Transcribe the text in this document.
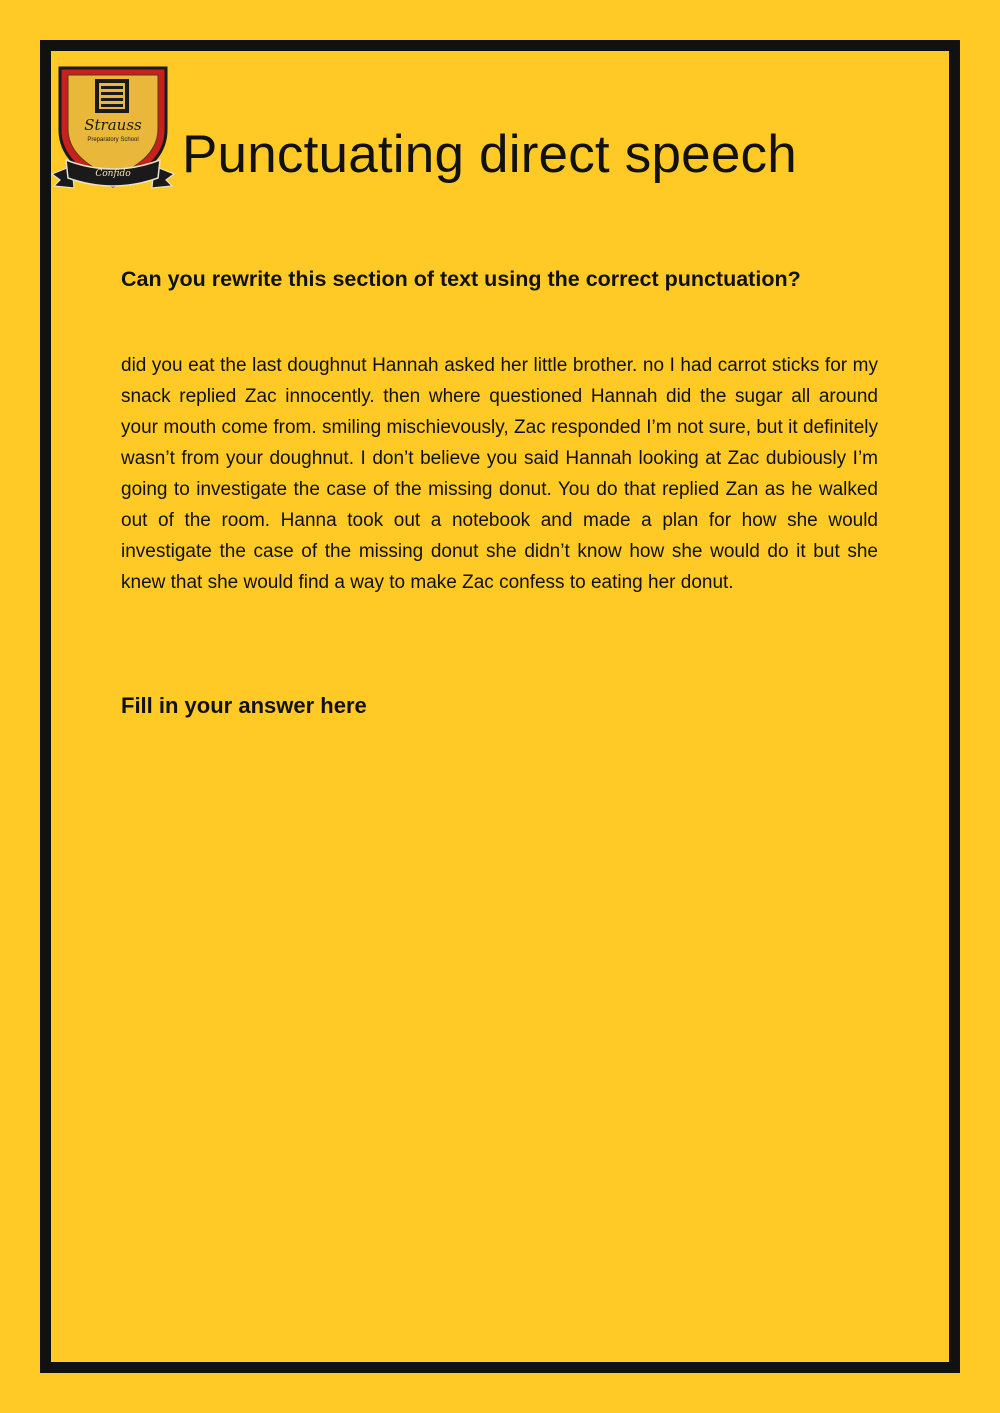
Strauss
Preparatory School
Confido Punctuating direct speech

Can you rewrite this section of text using the correct punctuation?

did you eat the last doughnut Hannah asked her little brother. no I had carrot sticks for my snack replied Zac innocently. then where questioned Hannah did the sugar all around your mouth come from. smiling mischievously, Zac responded I’m not sure, but it definitely wasn’t from your doughnut. I don’t believe you said Hannah looking at Zac dubiously I’m going to investigate the case of the missing donut. You do that replied Zan as he walked out of the room. Hanna took out a notebook and made a plan for how she would investigate the case of the missing donut she didn’t know how she would do it but she knew that she would find a way to make Zac confess to eating her donut.

Fill in your answer here
